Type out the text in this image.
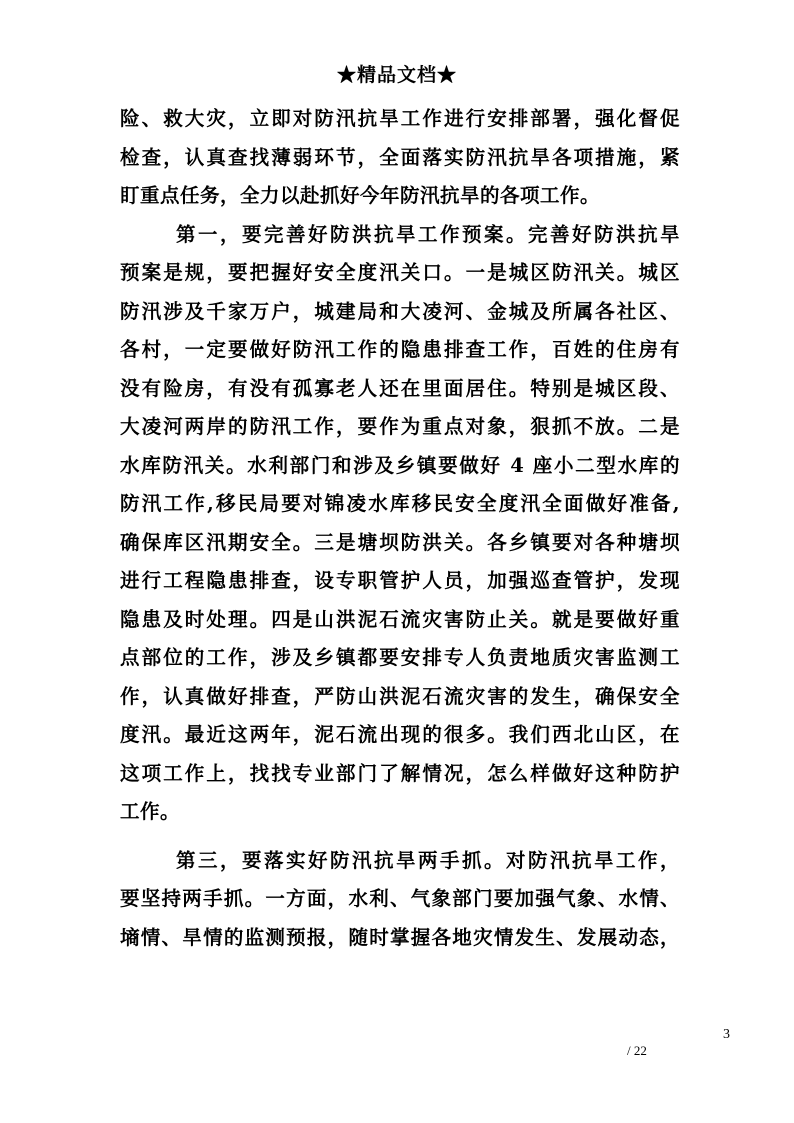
★精品文档★
险、救大灾，立即对防汛抗旱工作进行安排部署，强化督促
检查，认真查找薄弱环节，全面落实防汛抗旱各项措施，紧
盯重点任务，全力以赴抓好今年防汛抗旱的各项工作。
第一，要完善好防洪抗旱工作预案。完善好防洪抗旱
预案是规，要把握好安全度汛关口。一是城区防汛关。城区
防汛涉及千家万户，城建局和大凌河、金城及所属各社区、
各村，一定要做好防汛工作的隐患排查工作，百姓的住房有
没有险房，有没有孤寡老人还在里面居住。特别是城区段、
大凌河两岸的防汛工作，要作为重点对象，狠抓不放。二是
水库防汛关。水利部门和涉及乡镇要做好 4 座小二型水库的
防汛工作,移民局要对锦凌水库移民安全度汛全面做好准备,
确保库区汛期安全。三是塘坝防洪关。各乡镇要对各种塘坝
进行工程隐患排查，设专职管护人员，加强巡查管护，发现
隐患及时处理。四是山洪泥石流灾害防止关。就是要做好重
点部位的工作，涉及乡镇都要安排专人负责地质灾害监测工
作，认真做好排查，严防山洪泥石流灾害的发生，确保安全
度汛。最近这两年，泥石流出现的很多。我们西北山区，在
这项工作上，找找专业部门了解情况，怎么样做好这种防护
工作。
第三，要落实好防汛抗旱两手抓。对防汛抗旱工作，
要坚持两手抓。一方面，水利、气象部门要加强气象、水情、
墒情、旱情的监测预报，随时掌握各地灾情发生、发展动态，
3
/ 22
